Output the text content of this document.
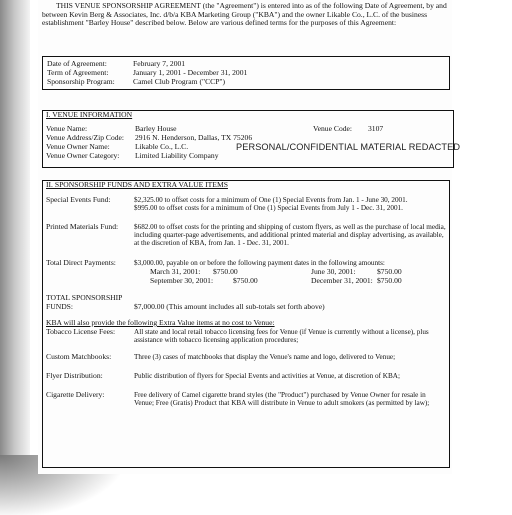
THIS VENUE SPONSORSHIP AGREEMENT (the "Agreement") is entered into as of the following Date of Agreement, by and between Kevin Berg & Associates, Inc. d/b/a KBA Marketing Group ("KBA") and the owner Likable Co., L.C. of the business establishment "Barley House" described below. Below are various defined terms for the purposes of this Agreement:
Date of Agreement:	February 7, 2001
Term of Agreement:	January 1, 2001 - December 31, 2001
Sponsorship Program: Camel Club Program ("CCP")
I. VENUE INFORMATION
Venue Name:	Barley House	Venue Code: 3107
Venue Address/Zip Code: 2916 N. Henderson, Dallas, TX 75206
Venue Owner Name:	Likable Co., L.C.
Venue Owner Category: Limited Liability Company
PERSONAL/CONFIDENTIAL MATERIAL REDACTED
II. SPONSORSHIP FUNDS AND EXTRA VALUE ITEMS
Special Events Fund:	$2,325.00 to offset costs for a minimum of One (1) Special Events from Jan. 1 - June 30, 2001.
$995.00 to offset costs for a minimum of One (1) Special Events from July 1 - Dec. 31, 2001.
Printed Materials Fund: $682.00 to offset costs for the printing and shipping of custom flyers, as well as the purchase of local media, including quarter-page advertisements, and additional printed material and display advertising, as available, at the discretion of KBA, from Jan. 1 - Dec. 31, 2001.
Total Direct Payments:	$3,000.00, payable on or before the following payment dates in the following amounts:
March 31, 2001: $750.00	June 30, 2001:	$750.00
September 30, 2001:	$750.00	December 31, 2001: $750.00
TOTAL SPONSORSHIP
FUNDS:	$7,000.00 (This amount includes all sub-totals set forth above)
KBA will also provide the following Extra Value items at no cost to Venue:
Tobacco License Fees:	All state and local retail tobacco licensing fees for Venue (if Venue is currently without a license), plus assistance with tobacco licensing application procedures;
Custom Matchbooks:	Three (3) cases of matchbooks that display the Venue's name and logo, delivered to Venue;
Flyer Distribution:	Public distribution of flyers for Special Events and activities at Venue, at discretion of KBA;
Cigarette Delivery:	Free delivery of Camel cigarette brand styles (the "Product") purchased by Venue Owner for resale in Venue; Free (Gratis) Product that KBA will distribute in Venue to adult smokers (as permitted by law);
